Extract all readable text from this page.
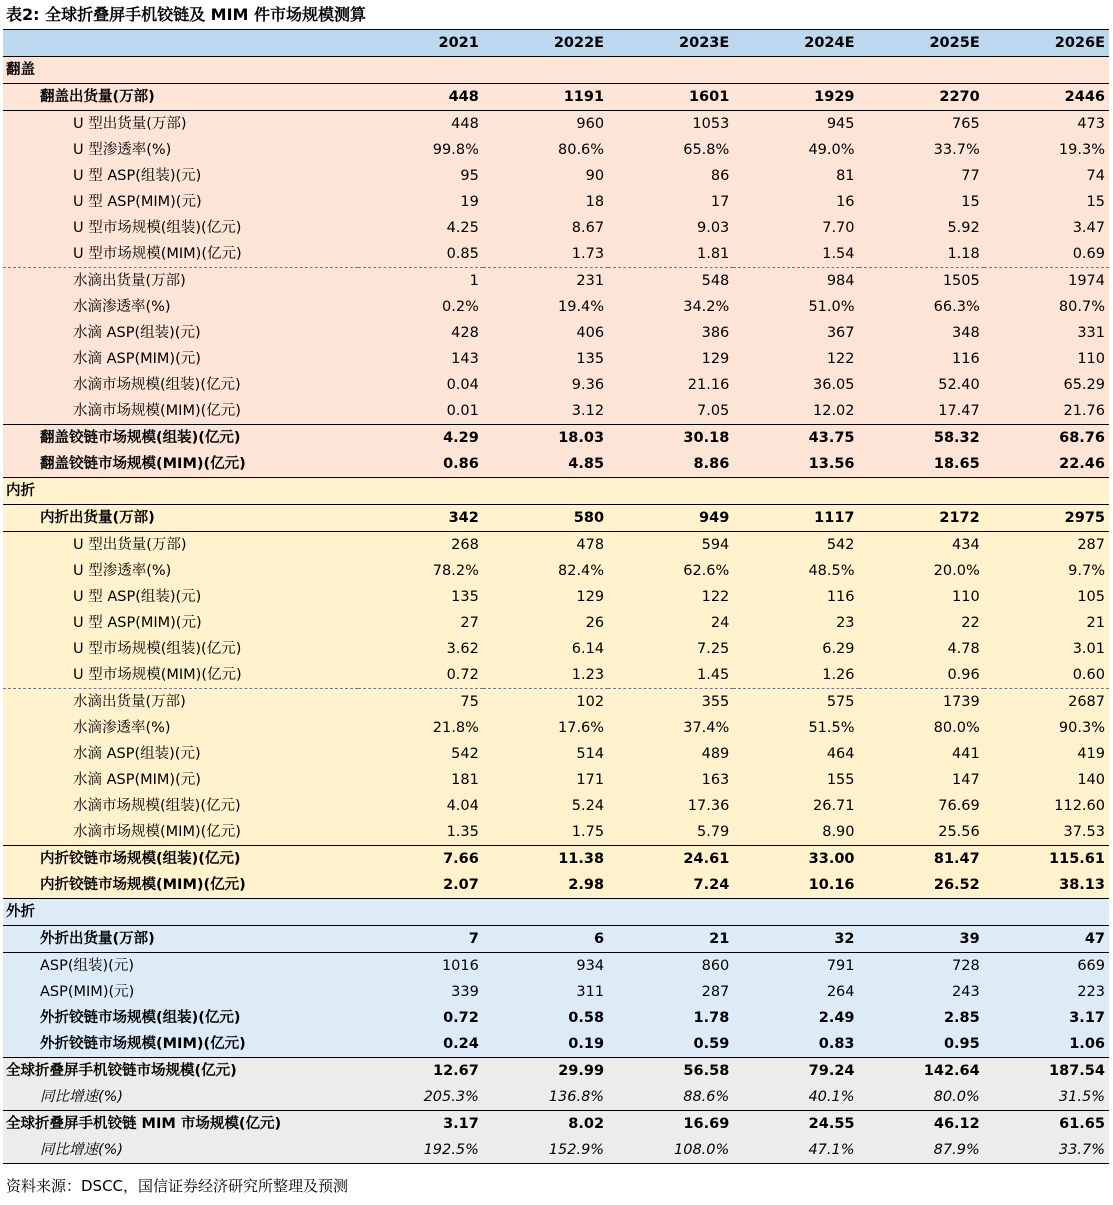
表2: 全球折叠屏手机铰链及 MIM 件市场规模测算
	2021	2022E	2023E	2024E	2025E	2026E
翻盖						
翻盖出货量(万部)	448	1191	1601	1929	2270	2446
U 型出货量(万部)	448	960	1053	945	765	473
U 型渗透率(%)	99.8%	80.6%	65.8%	49.0%	33.7%	19.3%
U 型 ASP(组装)(元)	95	90	86	81	77	74
U 型 ASP(MIM)(元)	19	18	17	16	15	15
U 型市场规模(组装)(亿元)	4.25	8.67	9.03	7.70	5.92	3.47
U 型市场规模(MIM)(亿元)	0.85	1.73	1.81	1.54	1.18	0.69
水滴出货量(万部)	1	231	548	984	1505	1974
水滴渗透率(%)	0.2%	19.4%	34.2%	51.0%	66.3%	80.7%
水滴 ASP(组装)(元)	428	406	386	367	348	331
水滴 ASP(MIM)(元)	143	135	129	122	116	110
水滴市场规模(组装)(亿元)	0.04	9.36	21.16	36.05	52.40	65.29
水滴市场规模(MIM)(亿元)	0.01	3.12	7.05	12.02	17.47	21.76
翻盖铰链市场规模(组装)(亿元)	4.29	18.03	30.18	43.75	58.32	68.76
翻盖铰链市场规模(MIM)(亿元)	0.86	4.85	8.86	13.56	18.65	22.46
内折						
内折出货量(万部)	342	580	949	1117	2172	2975
U 型出货量(万部)	268	478	594	542	434	287
U 型渗透率(%)	78.2%	82.4%	62.6%	48.5%	20.0%	9.7%
U 型 ASP(组装)(元)	135	129	122	116	110	105
U 型 ASP(MIM)(元)	27	26	24	23	22	21
U 型市场规模(组装)(亿元)	3.62	6.14	7.25	6.29	4.78	3.01
U 型市场规模(MIM)(亿元)	0.72	1.23	1.45	1.26	0.96	0.60
水滴出货量(万部)	75	102	355	575	1739	2687
水滴渗透率(%)	21.8%	17.6%	37.4%	51.5%	80.0%	90.3%
水滴 ASP(组装)(元)	542	514	489	464	441	419
水滴 ASP(MIM)(元)	181	171	163	155	147	140
水滴市场规模(组装)(亿元)	4.04	5.24	17.36	26.71	76.69	112.60
水滴市场规模(MIM)(亿元)	1.35	1.75	5.79	8.90	25.56	37.53
内折铰链市场规模(组装)(亿元)	7.66	11.38	24.61	33.00	81.47	115.61
内折铰链市场规模(MIM)(亿元)	2.07	2.98	7.24	10.16	26.52	38.13
外折						
外折出货量(万部)	7	6	21	32	39	47
ASP(组装)(元)	1016	934	860	791	728	669
ASP(MIM)(元)	339	311	287	264	243	223
外折铰链市场规模(组装)(亿元)	0.72	0.58	1.78	2.49	2.85	3.17
外折铰链市场规模(MIM)(亿元)	0.24	0.19	0.59	0.83	0.95	1.06
全球折叠屏手机铰链市场规模(亿元)	12.67	29.99	56.58	79.24	142.64	187.54
同比增速(%)	205.3%	136.8%	88.6%	40.1%	80.0%	31.5%
全球折叠屏手机铰链 MIM 市场规模(亿元)	3.17	8.02	16.69	24.55	46.12	61.65
同比增速(%)	192.5%	152.9%	108.0%	47.1%	87.9%	33.7%
资料来源：DSCC，国信证券经济研究所整理及预测
